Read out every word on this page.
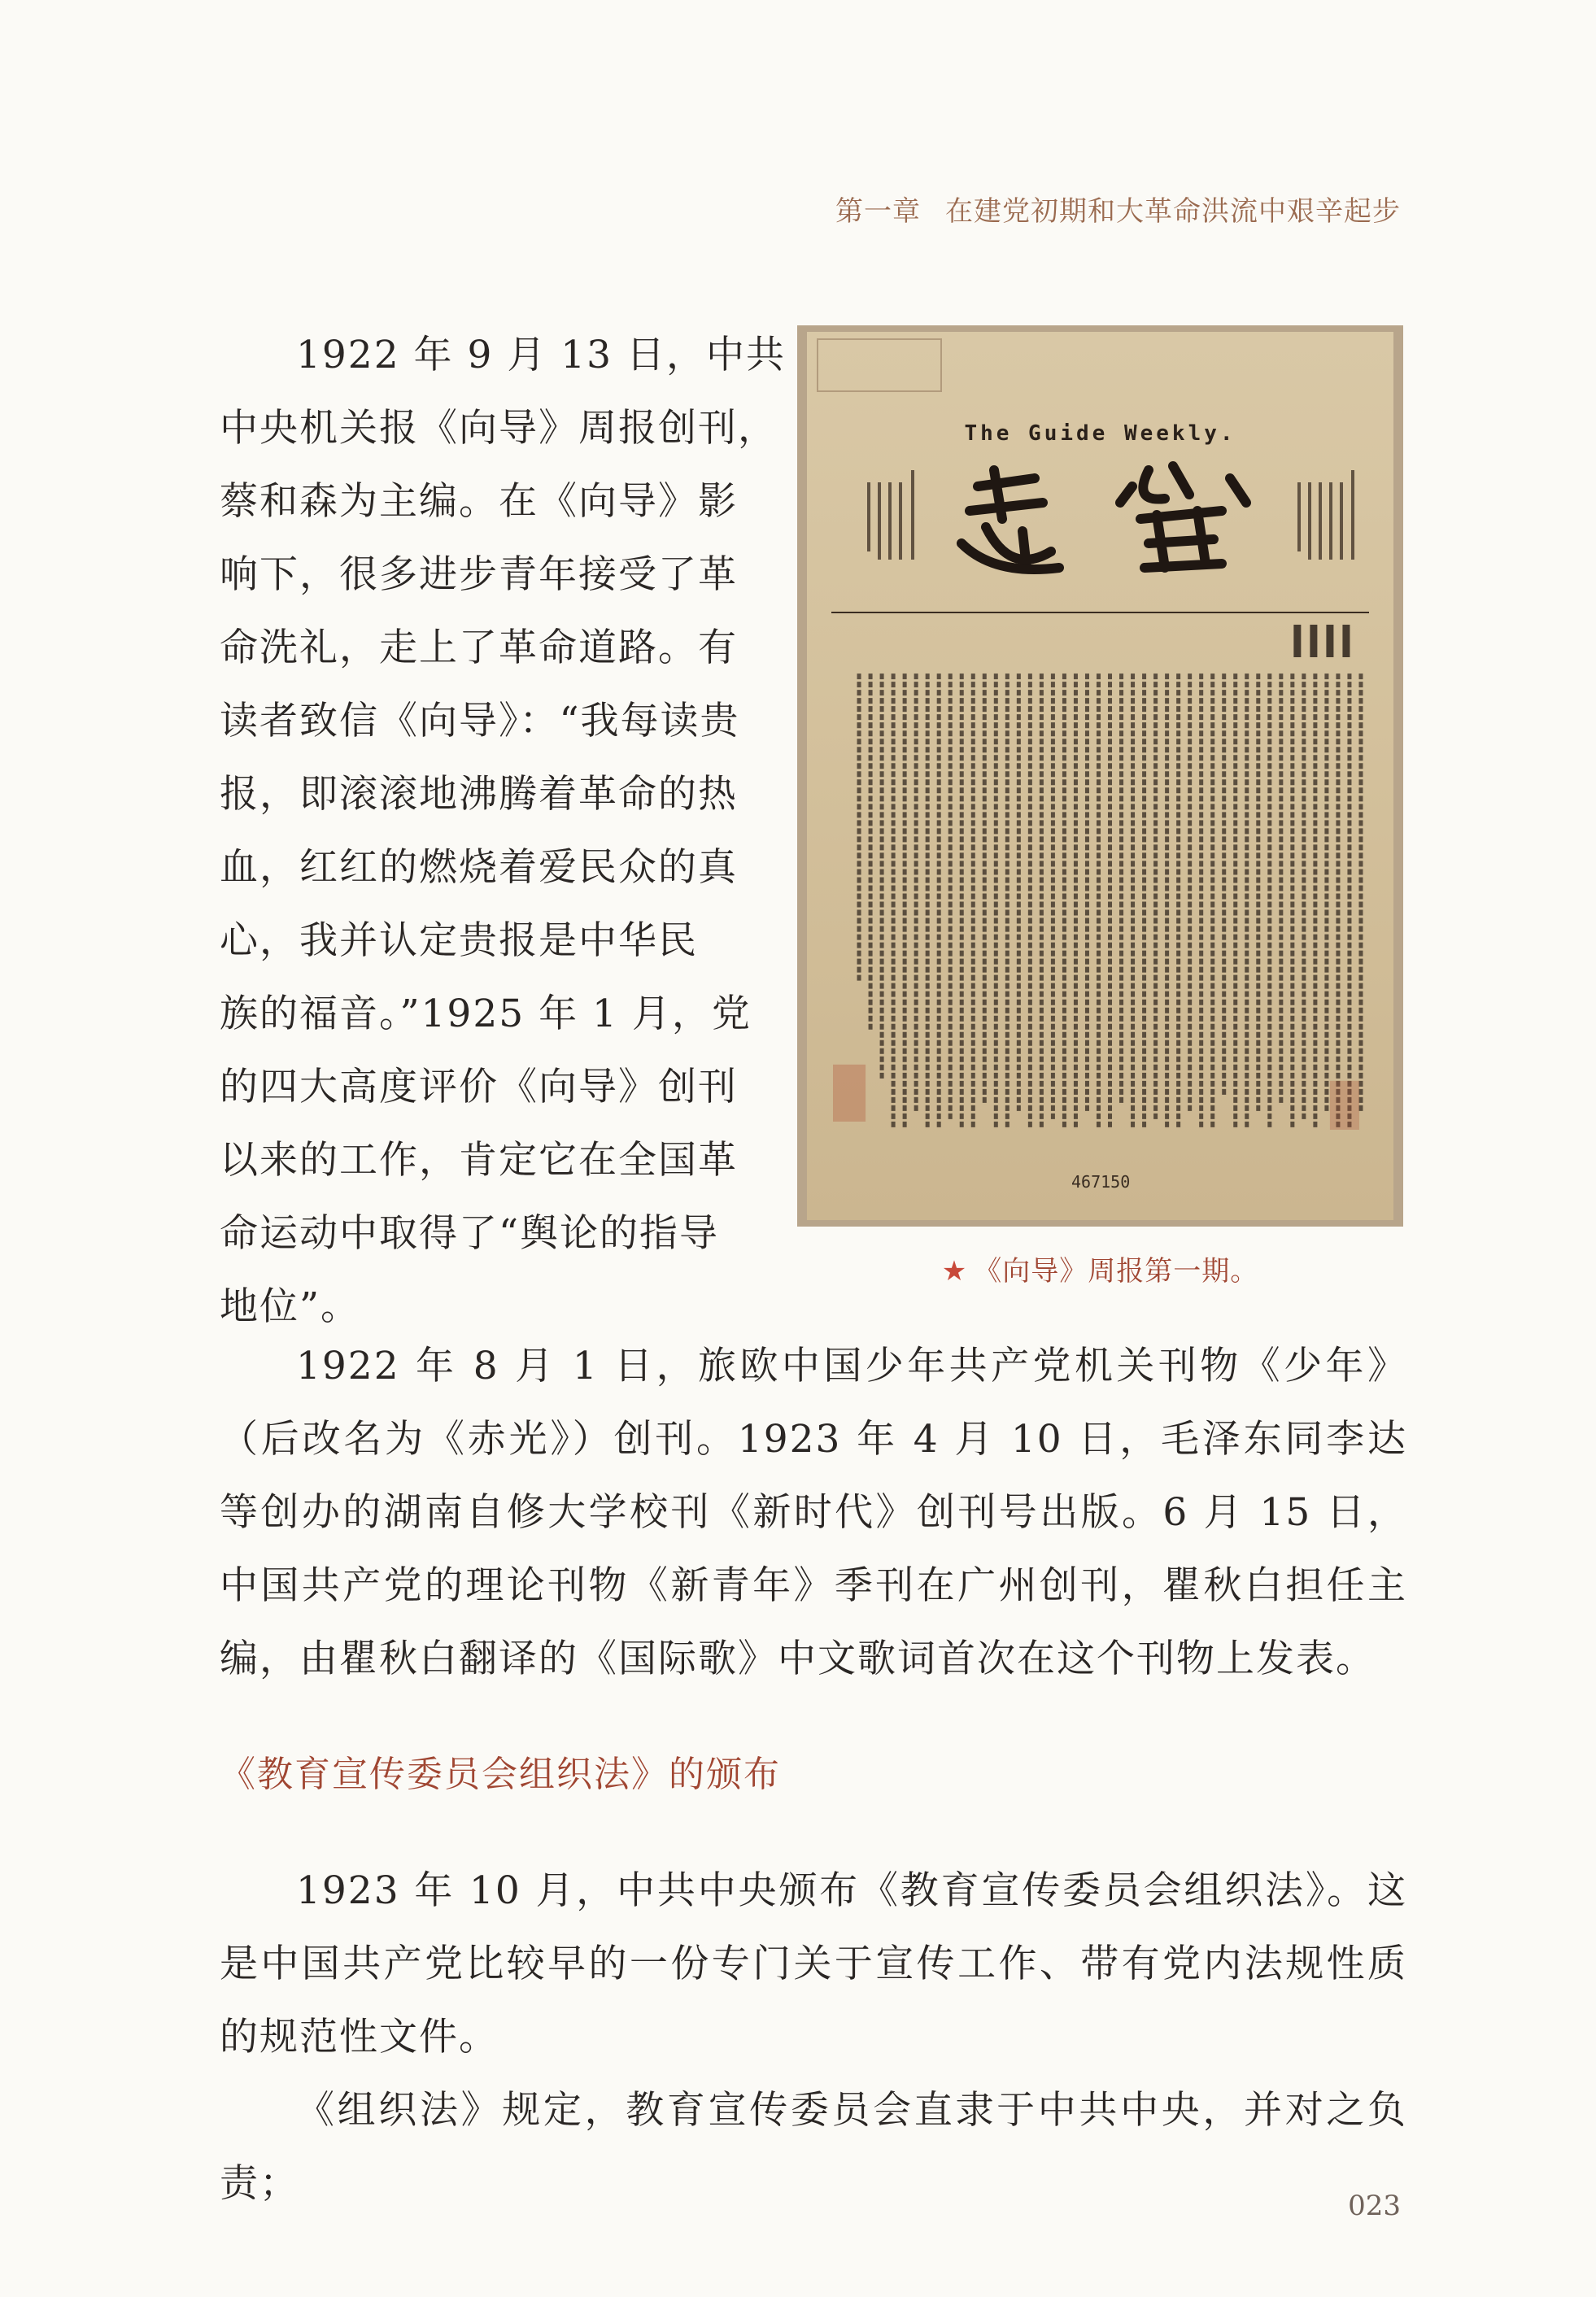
第一章 在建党初期和大革命洪流中艰辛起步
1922 年 9 月 13 日，中共
中央机关报《向导》周报创刊，
蔡和森为主编。在《向导》影
响下，很多进步青年接受了革
命洗礼，走上了革命道路。有
读者致信《向导》：“我每读贵
报，即滚滚地沸腾着革命的热
血，红红的燃烧着爱民众的真
心，我并认定贵报是中华民
族的福音。”1925 年 1 月，党
的四大高度评价《向导》创刊
以来的工作，肯定它在全国革
命运动中取得了“舆论的指导
地位”。
The Guide Weekly.
467150
★ 《向导》周报第一期。
1922 年 8 月 1 日，旅欧中国少年共产党机关刊物《少年》（后改名为《赤光》）创刊。1923 年 4 月 10 日，毛泽东同李达等创办的湖南自修大学校刊《新时代》创刊号出版。6 月 15 日，中国共产党的理论刊物《新青年》季刊在广州创刊，瞿秋白担任主编，由瞿秋白翻译的《国际歌》中文歌词首次在这个刊物上发表。
《教育宣传委员会组织法》的颁布
1923 年 10 月，中共中央颁布《教育宣传委员会组织法》。这是中国共产党比较早的一份专门关于宣传工作、带有党内法规性质的规范性文件。
《组织法》规定，教育宣传委员会直隶于中共中央，并对之负责；	023
